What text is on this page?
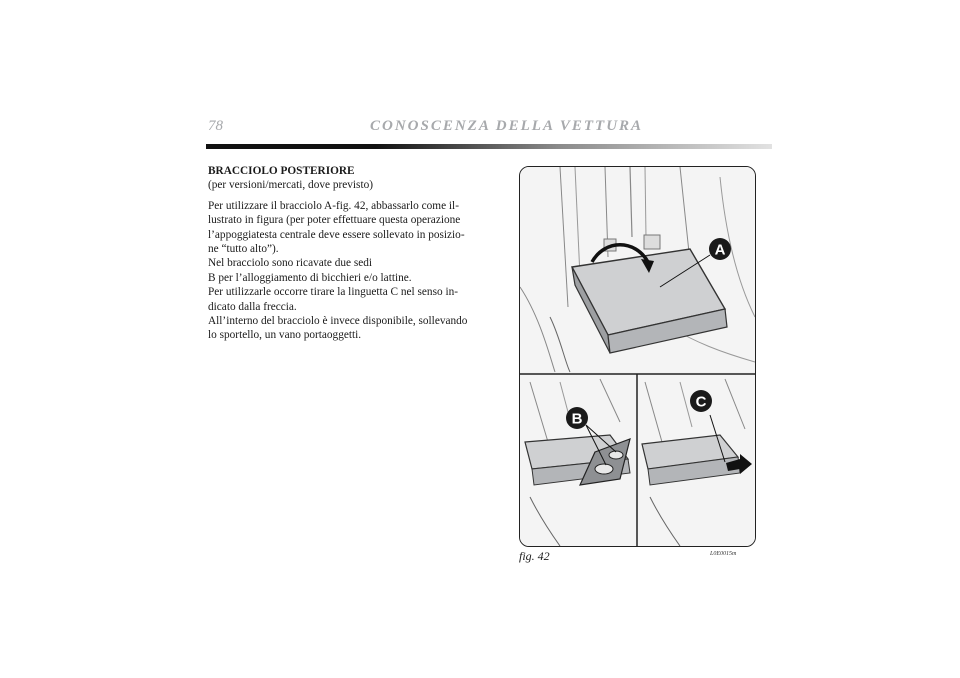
78	CONOSCENZA DELLA VETTURA

BRACCIOLO POSTERIORE
(per versioni/mercati, dove previsto)

Per utilizzare il bracciolo A-fig. 42, abbassarlo come il-
lustrato in figura (per poter effettuare questa operazione
l’appoggiatesta centrale deve essere sollevato in posizio-
ne “tutto alto”).
Nel bracciolo sono ricavate due sedi
B per l’alloggiamento di bicchieri e/o lattine.
Per utilizzarle occorre tirare la linguetta C nel senso in-
dicato dalla freccia.
All’interno del bracciolo è invece disponibile, sollevando
lo sportello, un vano portaoggetti.

A
B
C
fig. 42	L0E0015m
